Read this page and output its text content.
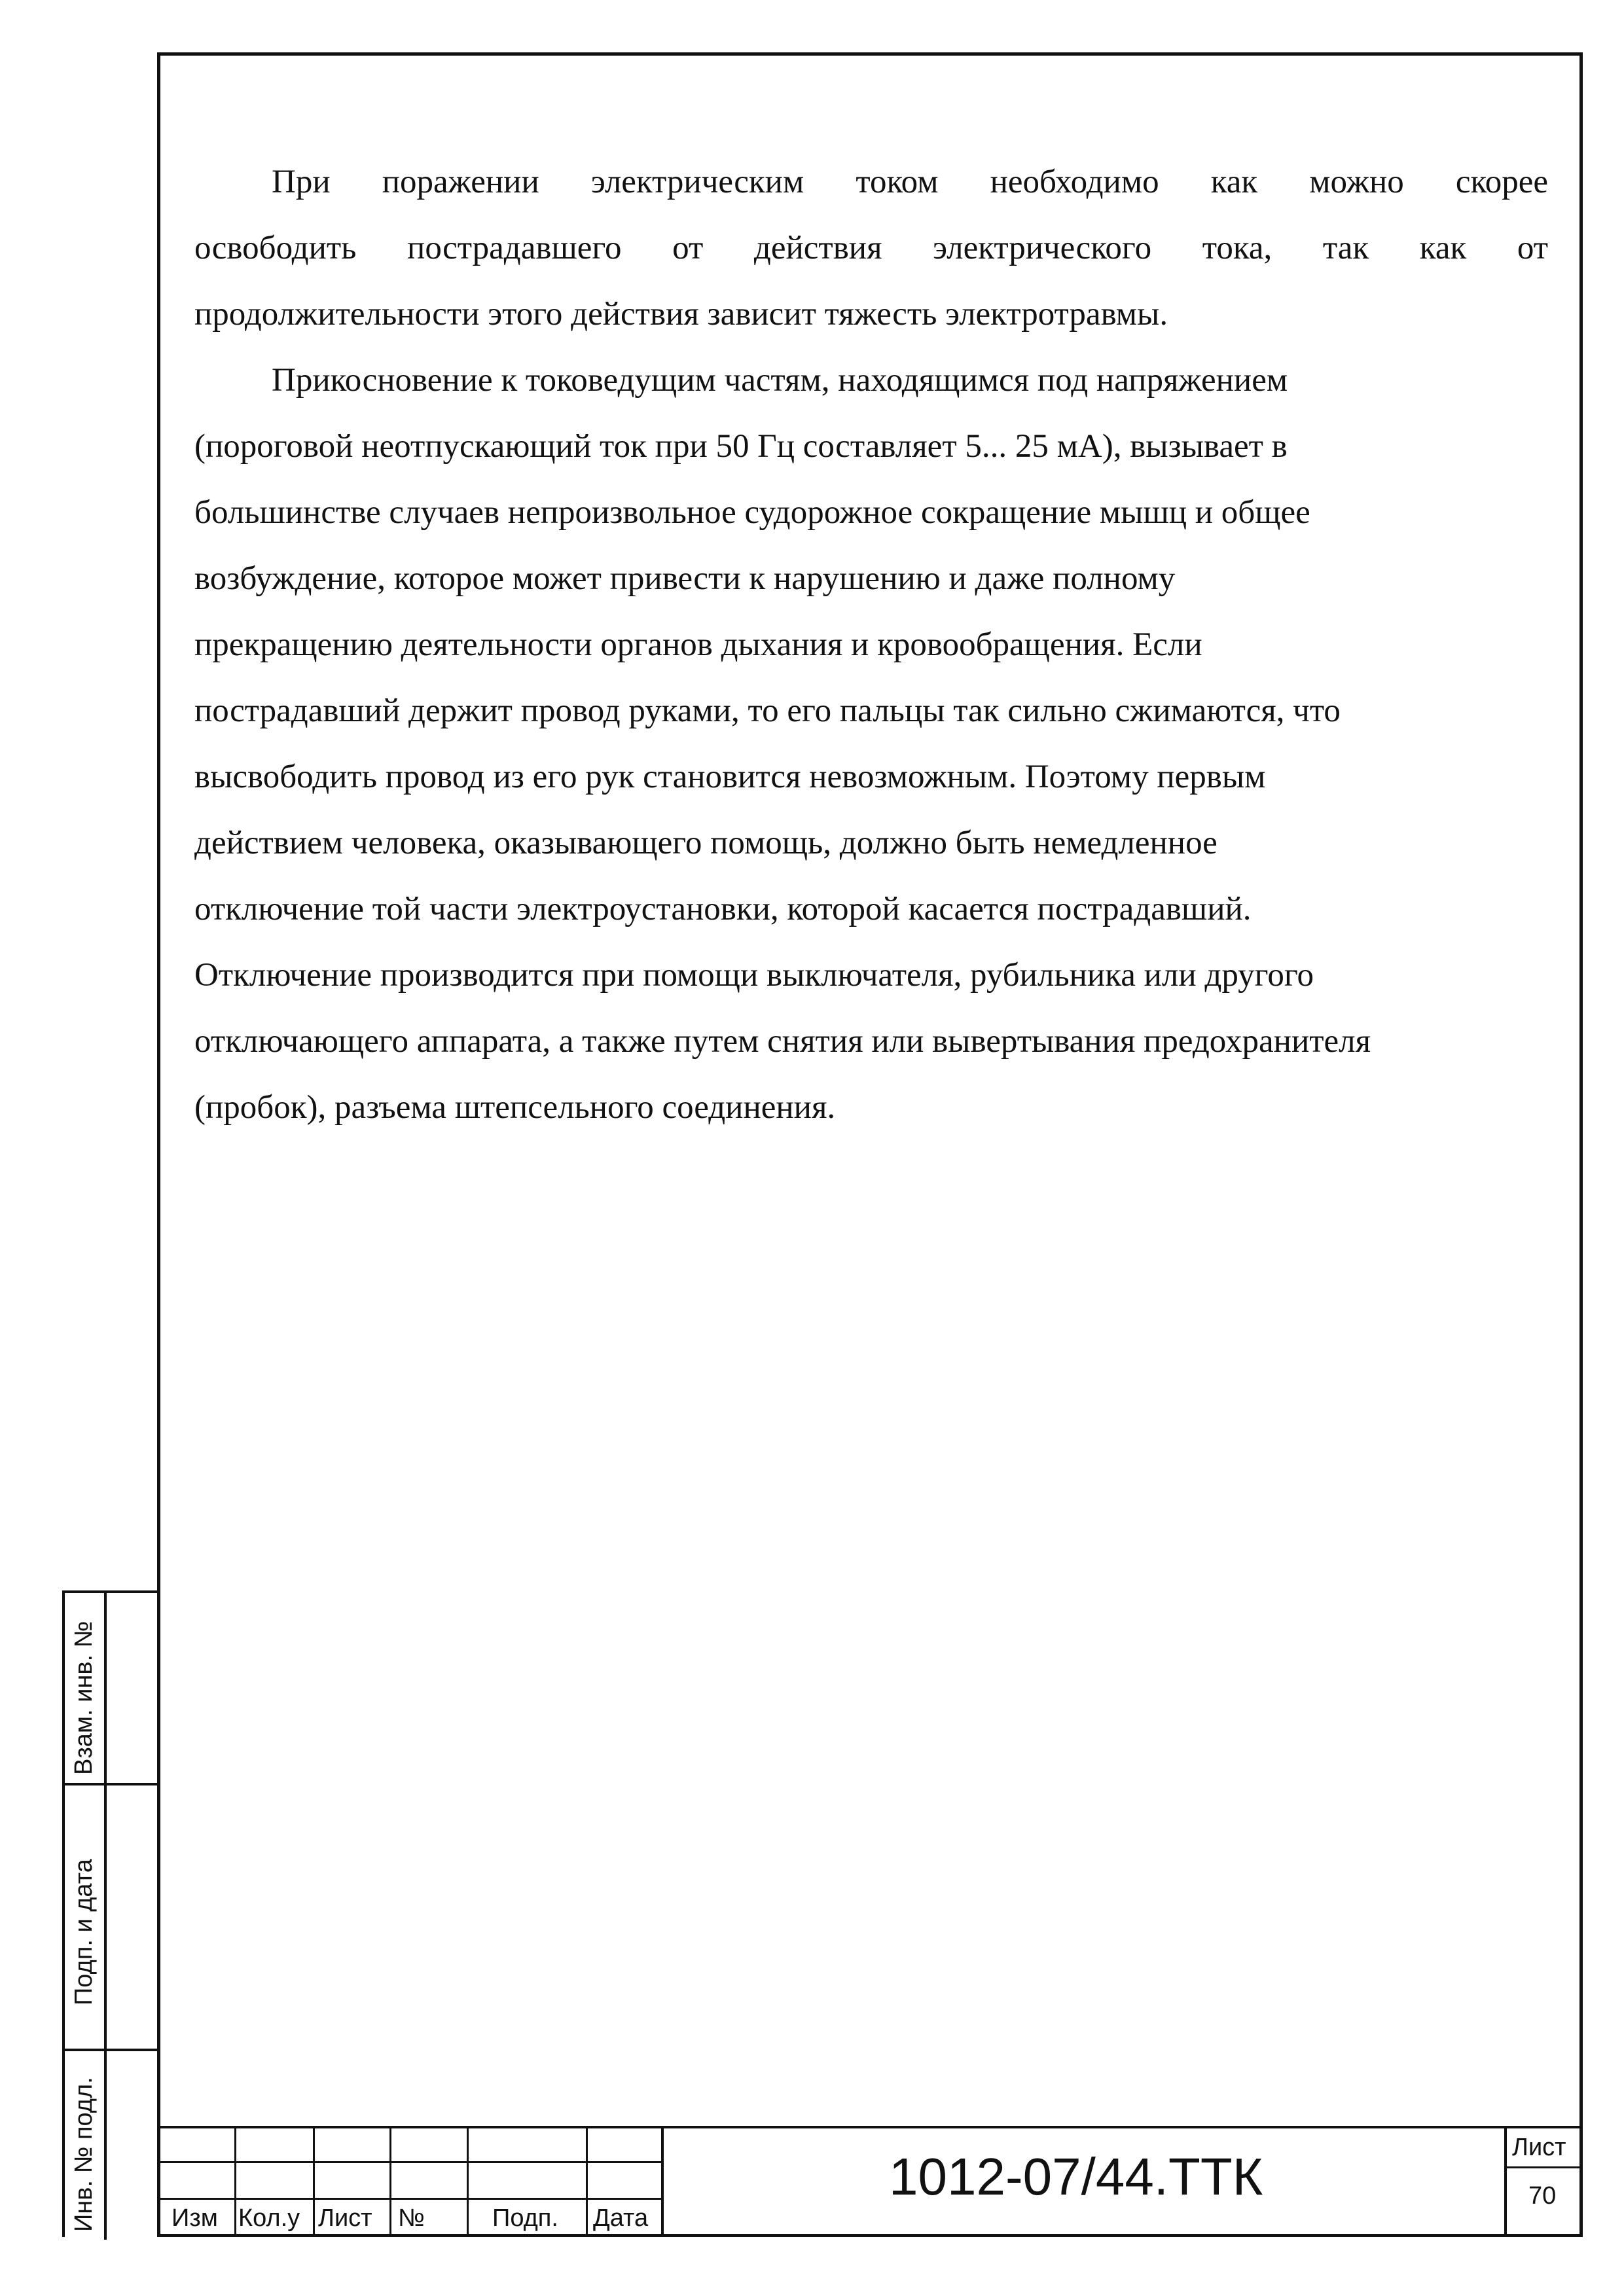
При поражении электрическим током необходимо как можно скорее
освободить пострадавшего от действия электрического тока, так как от
продолжительности этого действия зависит тяжесть электротравмы.
Прикосновение к токоведущим частям, находящимся под напряжением
(пороговой неотпускающий ток при 50 Гц составляет 5... 25 мА), вызывает в
большинстве случаев непроизвольное судорожное сокращение мышц и общее
возбуждение, которое может привести к нарушению и даже полному
прекращению деятельности органов дыхания и кровообращения. Если
пострадавший держит провод руками, то его пальцы так сильно сжимаются, что
высвободить провод из его рук становится невозможным. Поэтому первым
действием человека, оказывающего помощь, должно быть немедленное
отключение той части электроустановки, которой касается пострадавший.
Отключение производится при помощи выключателя, рубильника или другого
отключающего аппарата, а также путем снятия или вывертывания предохранителя
(пробок), разъема штепсельного соединения.
Взам. инв. №
Подп. и дата
Инв. № подл.	Изм Кол.у Лист №	Подп. Дата
1012-07/44.ТТК	Лист
70
